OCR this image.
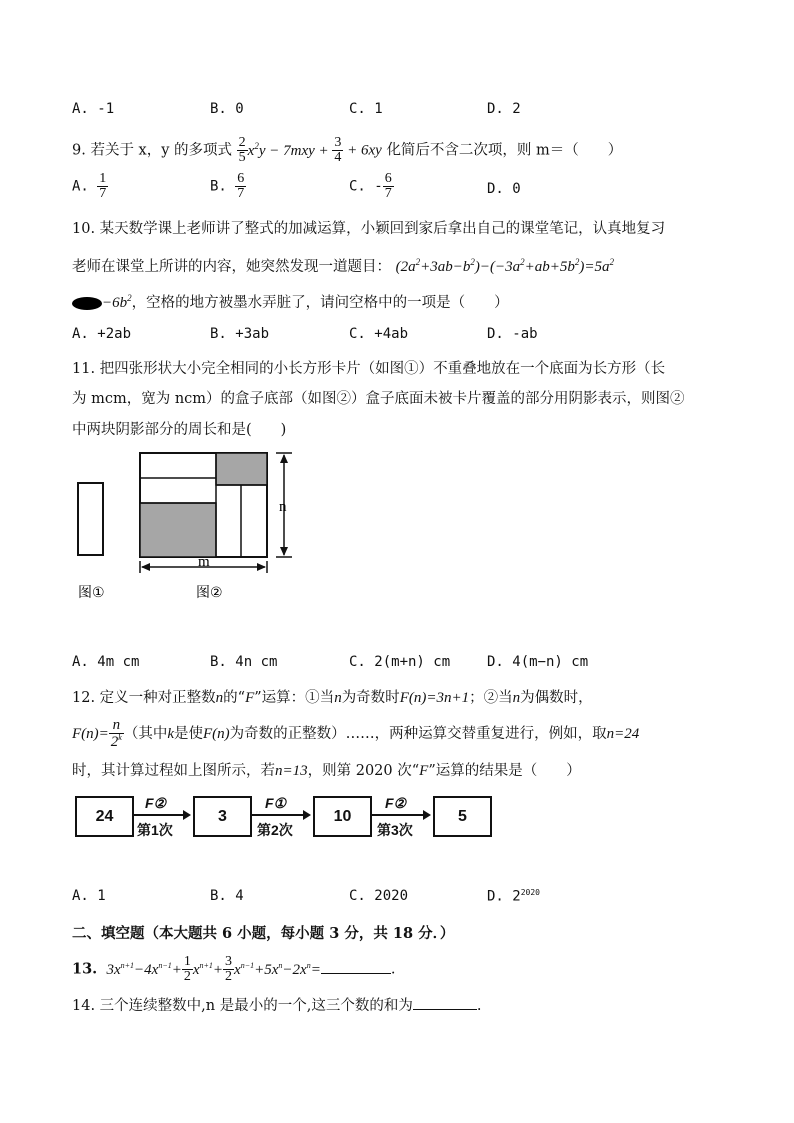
A. -1	B. 0	C. 1	D. 2
9. 若关于 x，y 的多项式 $\frac{2}{5} x^2y - 7mxy + \frac{3}{4} + 6xy$ 化简后不含二次项，则 m＝（　　）
A. $\frac{1}{7}$	B. $\frac{6}{7}$	C. - $\frac{6}{7}$	D. 0
10. 某天数学课上老师讲了整式的加减运算，小颖回到家后拿出自己的课堂笔记，认真地复习
老师在课堂上所讲的内容，她突然发现一道题目： $(2a^2+3ab-b^2)-(-3a^2+ab+5b^2)=5a^2$
$-6b^2$，空格的地方被墨水弄脏了，请问空格中的一项是（　　）
A. +2ab	B. +3ab	C. +4ab	D. -ab
11. 把四张形状大小完全相同的小长方形卡片（如图①）不重叠地放在一个底面为长方形（长
为 mcm，宽为 ncm）的盒子底部（如图②）盒子底面未被卡片覆盖的部分用阴影表示，则图②
中两块阴影部分的周长和是(　　)
n
m
图①	图②
A. 4m cm	B. 4n cm	C. 2(m+n) cm	D. 4(m−n) cm
12. 定义一种对正整数n的“F”运算：①当n为奇数时F(n)=3n+1；②当n为偶数时，
$F(n)= \frac{n}{2^k}$ （其中k是使F(n)为奇数的正整数）……，两种运算交替重复进行，例如，取n=24
时，其计算过程如上图所示，若n=13，则第 2020 次“F”运算的结果是（　　）
24	3	10	5
F②	F①	F②
第1次	第2次	第3次
A. 1	B. 4	C. 2020	D. $2^{2020}$
二、填空题（本大题共 6 小题，每小题 3 分，共 18 分．）
13. $3x^{n+1}-4x^{n-1}+ \frac{1}{2} x^{n+1}+ \frac{3}{2} x^{n-1}+5x^n-2x^n=$	.
14. 三个连续整数中,n 是最小的一个,这三个数的和为	.
